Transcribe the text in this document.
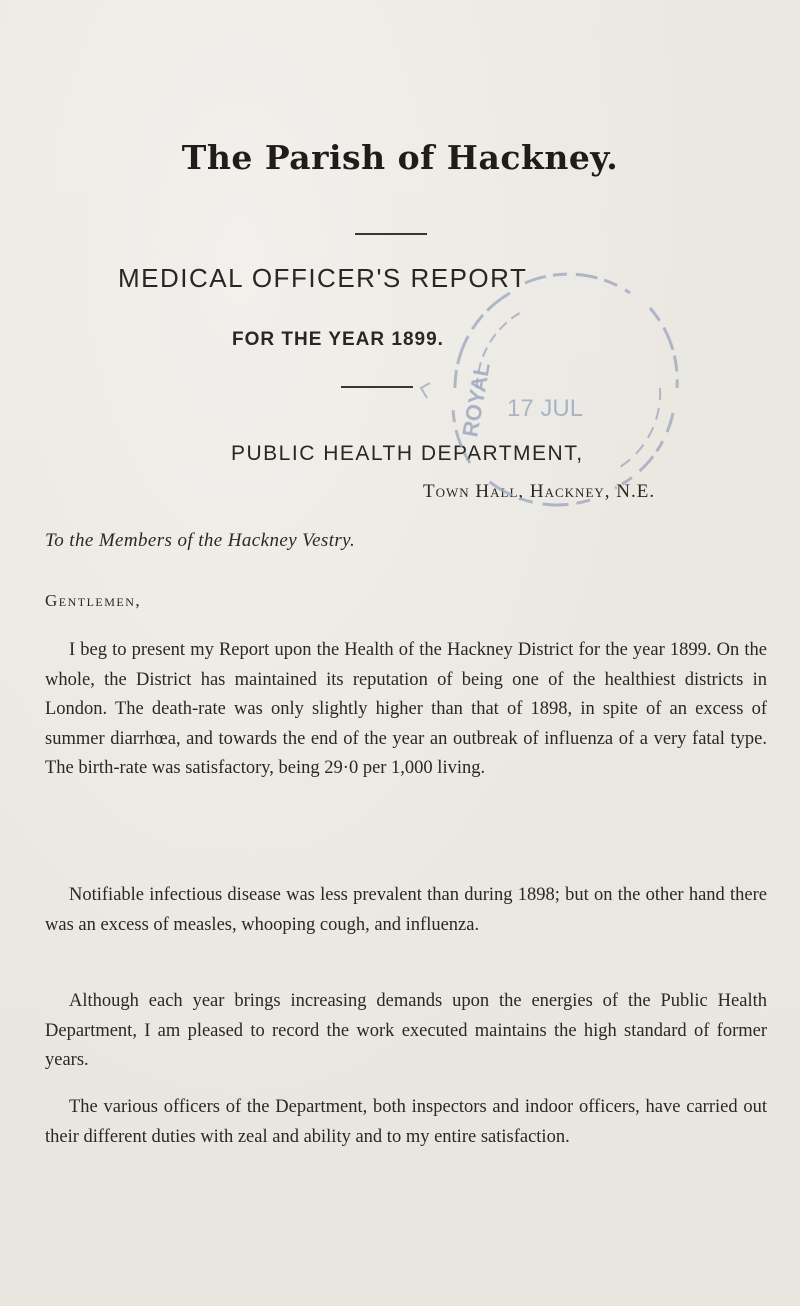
The Parish of Hackney.
MEDICAL OFFICER'S REPORT
FOR THE YEAR 1899.
PUBLIC HEALTH DEPARTMENT,
Town Hall, Hackney, N.E.
ROYAL 17 JUL
To the Members of the Hackney Vestry.
Gentlemen,

I beg to present my Report upon the Health of the Hackney District for the year 1899. On the whole, the District has maintained its reputation of being one of the healthiest districts in London. The death-rate was only slightly higher than that of 1898, in spite of an excess of summer diarrhœa, and towards the end of the year an outbreak of influenza of a very fatal type. The birth-rate was satisfactory, being 29·0 per 1,000 living.

Notifiable infectious disease was less prevalent than during 1898; but on the other hand there was an excess of measles, whooping cough, and influenza.

Although each year brings increasing demands upon the energies of the Public Health Department, I am pleased to record the work executed maintains the high standard of former years.

The various officers of the Department, both inspectors and indoor officers, have carried out their different duties with zeal and ability and to my entire satisfaction.
